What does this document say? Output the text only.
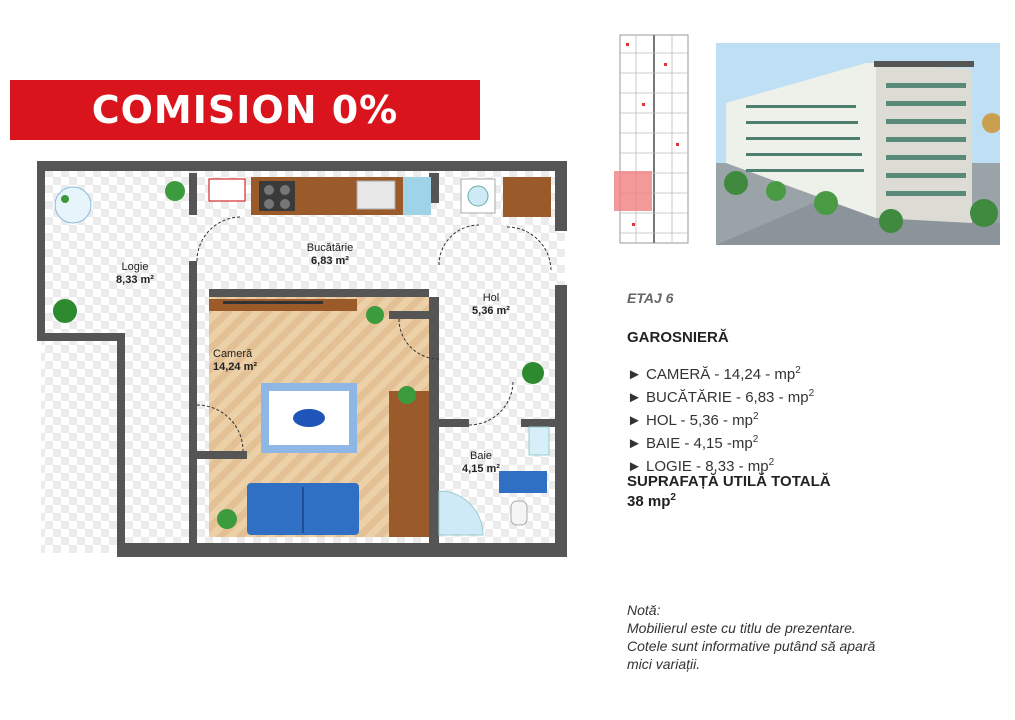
COMISION 0%
Logie
8,33 m²
Bucătărie
6,83 m²
Hol
5,36 m²
Cameră
14,24 m²
Baie
4,15 m²
ETAJ 6
GAROSNIERĂ
► CAMERĂ - $14,24 - mp^2$
► BUCĂTĂRIE - $6,83 - mp^2$
► HOL - $5,36 - mp^2$
► BAIE - 4,15 $-mp^2$
► LOGIE - $8,33 - mp^2$
SUPRAFAȚĂ UTILĂ TOTALĂ
38 $mp^2$
Notă:
Mobilierul este cu titlu de prezentare.
Cotele sunt informative putând să apară
mici variații.
